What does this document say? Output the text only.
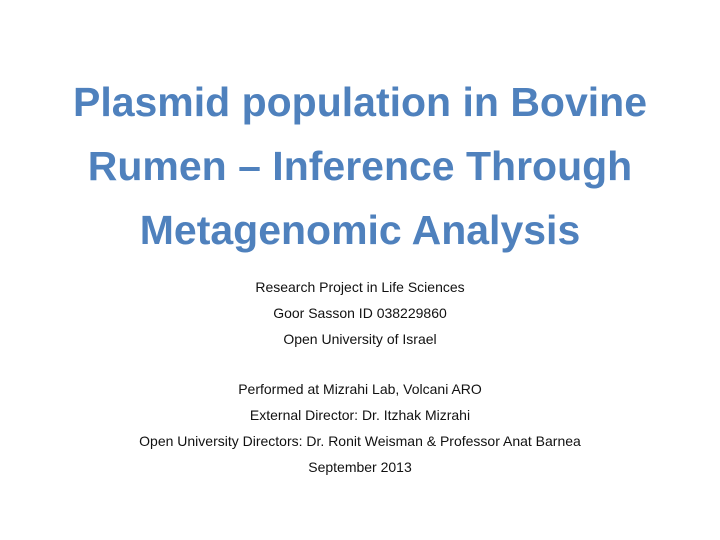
Plasmid population in Bovine
Rumen – Inference Through
Metagenomic Analysis
Research Project in Life Sciences
Goor Sasson ID 038229860
Open University of Israel
Performed at Mizrahi Lab, Volcani ARO
External Director: Dr. Itzhak Mizrahi
Open University Directors: Dr. Ronit Weisman & Professor Anat Barnea
September 2013
